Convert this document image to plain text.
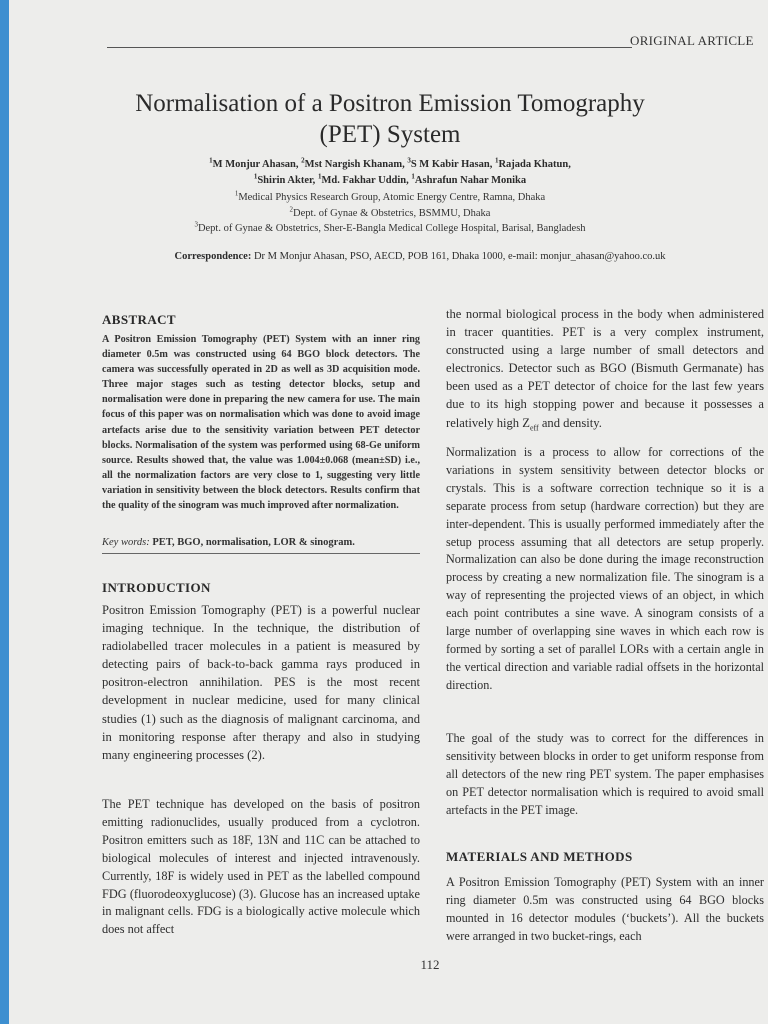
ORIGINAL ARTICLE
Normalisation of a Positron Emission Tomography
(PET) System
$^1$M Monjur Ahasan, $^2$Mst Nargish Khanam, $^3$S M Kabir Hasan, $^1$Rajada Khatun,
$^1$Shirin Akter, $^1$Md. Fakhar Uddin, $^1$Ashrafun Nahar Monika
$^1$Medical Physics Research Group, Atomic Energy Centre, Ramna, Dhaka
$^2$Dept. of Gynae & Obstetrics, BSMMU, Dhaka
$^3$Dept. of Gynae & Obstetrics, Sher-E-Bangla Medical College Hospital, Barisal, Bangladesh
Correspondence: Dr M Monjur Ahasan, PSO, AECD, POB 161, Dhaka 1000, e-mail: monjur_ahasan@yahoo.co.uk
ABSTRACT
A Positron Emission Tomography (PET) System with an inner ring diameter 0.5m was constructed using 64 BGO block detectors. The camera was successfully operated in 2D as well as 3D acquisition mode. Three major stages such as testing detector blocks, setup and normalisation were done in preparing the new camera for use. The main focus of this paper was on normalisation which was done to avoid image artefacts arise due to the sensitivity variation between PET detector blocks. Normalisation of the system was performed using 68-Ge uniform source. Results showed that, the value was 1.004±0.068 (mean±SD) i.e., all the normalization factors are very close to 1, suggesting very little variation in sensitivity between the block detectors. Results confirm that the quality of the sinogram was much improved after normalization.
Key words: PET, BGO, normalisation, LOR & sinogram.
INTRODUCTION

Positron Emission Tomography (PET) is a powerful nuclear imaging technique. In the technique, the distribution of radiolabelled tracer molecules in a patient is measured by detecting pairs of back-to-back gamma rays produced in positron-electron annihilation. PES is the most recent development in nuclear medicine, used for many clinical studies (1) such as the diagnosis of malignant carcinoma, and in monitoring response after therapy and also in studying many engineering processes (2).

The PET technique has developed on the basis of positron emitting radionuclides, usually produced from a cyclotron. Positron emitters such as 18F, 13N and 11C can be attached to biological molecules of interest and injected intravenously. Currently, 18F is widely used in PET as the labelled compound FDG (fluorodeoxyglucose) (3). Glucose has an increased uptake in malignant cells. FDG is a biologically active molecule which does not affect

the normal biological process in the body when administered in tracer quantities. PET is a very complex instrument, constructed using a large number of small detectors and electronics. Detector such as BGO (Bismuth Germanate) has been used as a PET detector of choice for the last few years due to its high stopping power and because it possesses a relatively high $Z_{eff}$ and density.

Normalization is a process to allow for corrections of the variations in system sensitivity between detector blocks or crystals. This is a software correction technique so it is a separate process from setup (hardware correction) but they are inter-dependent. This is usually performed immediately after the setup process assuming that all detectors are setup properly. Normalization can also be done during the image reconstruction process by creating a new normalization file. The sinogram is a way of representing the projected views of an object, in which each point contributes a sine wave. A sinogram consists of a large number of overlapping sine waves in which each row is formed by sorting a set of parallel LORs with a certain angle in the vertical direction and variable radial offsets in the horizontal direction.

The goal of the study was to correct for the differences in sensitivity between blocks in order to get uniform response from all detectors of the new ring PET system. The paper emphasises on PET detector normalisation which is required to avoid small artefacts in the PET image.

MATERIALS AND METHODS

A Positron Emission Tomography (PET) System with an inner ring diameter 0.5m was constructed using 64 BGO blocks mounted in 16 detector modules (‘buckets’). All the buckets were arranged in two bucket-rings, each

112
